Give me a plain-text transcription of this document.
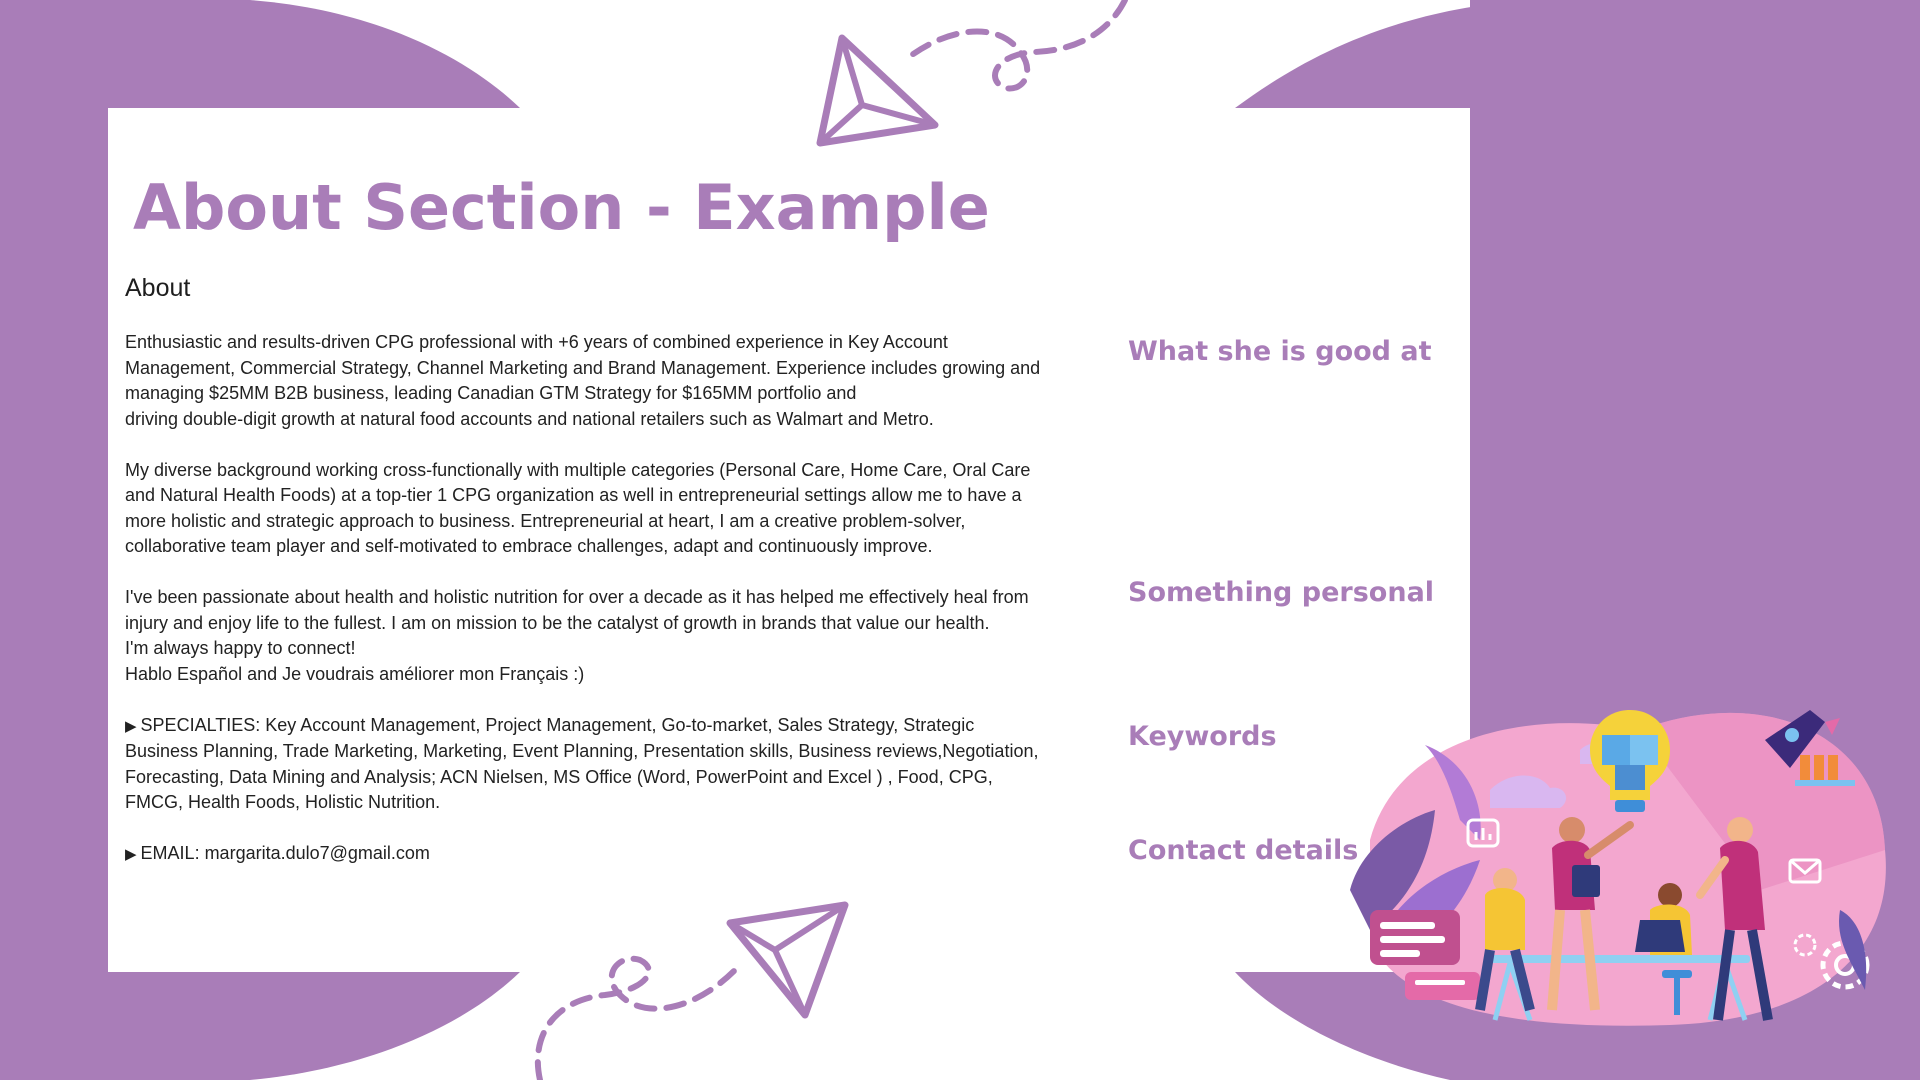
About Section - Example
About

Enthusiastic and results-driven CPG professional with +6 years of combined experience in Key Account

Management, Commercial Strategy, Channel Marketing and Brand Management. Experience includes growing and

managing $25MM B2B business, leading Canadian GTM Strategy for $165MM portfolio and

driving double-digit growth at natural food accounts and national retailers such as Walmart and Metro.

My diverse background working cross-functionally with multiple categories (Personal Care, Home Care, Oral Care

and Natural Health Foods) at a top-tier 1 CPG organization as well in entrepreneurial settings allow me to have a

more holistic and strategic approach to business. Entrepreneurial at heart, I am a creative problem-solver,

collaborative team player and self-motivated to embrace challenges, adapt and continuously improve.

I've been passionate about health and holistic nutrition for over a decade as it has helped me effectively heal from

injury and enjoy life to the fullest. I am on mission to be the catalyst of growth in brands that value our health.

I'm always happy to connect!

Hablo Español and Je voudrais améliorer mon Français :)

▶ SPECIALTIES: Key Account Management, Project Management, Go-to-market, Sales Strategy, Strategic

Business Planning, Trade Marketing, Marketing, Event Planning, Presentation skills, Business reviews,Negotiation,

Forecasting, Data Mining and Analysis; ACN Nielsen, MS Office (Word, PowerPoint and Excel ) , Food, CPG,

FMCG, Health Foods, Holistic Nutrition.

▶ EMAIL: margarita.dulo7@gmail.com

What she is good at
Something personal
Keywords
Contact details
